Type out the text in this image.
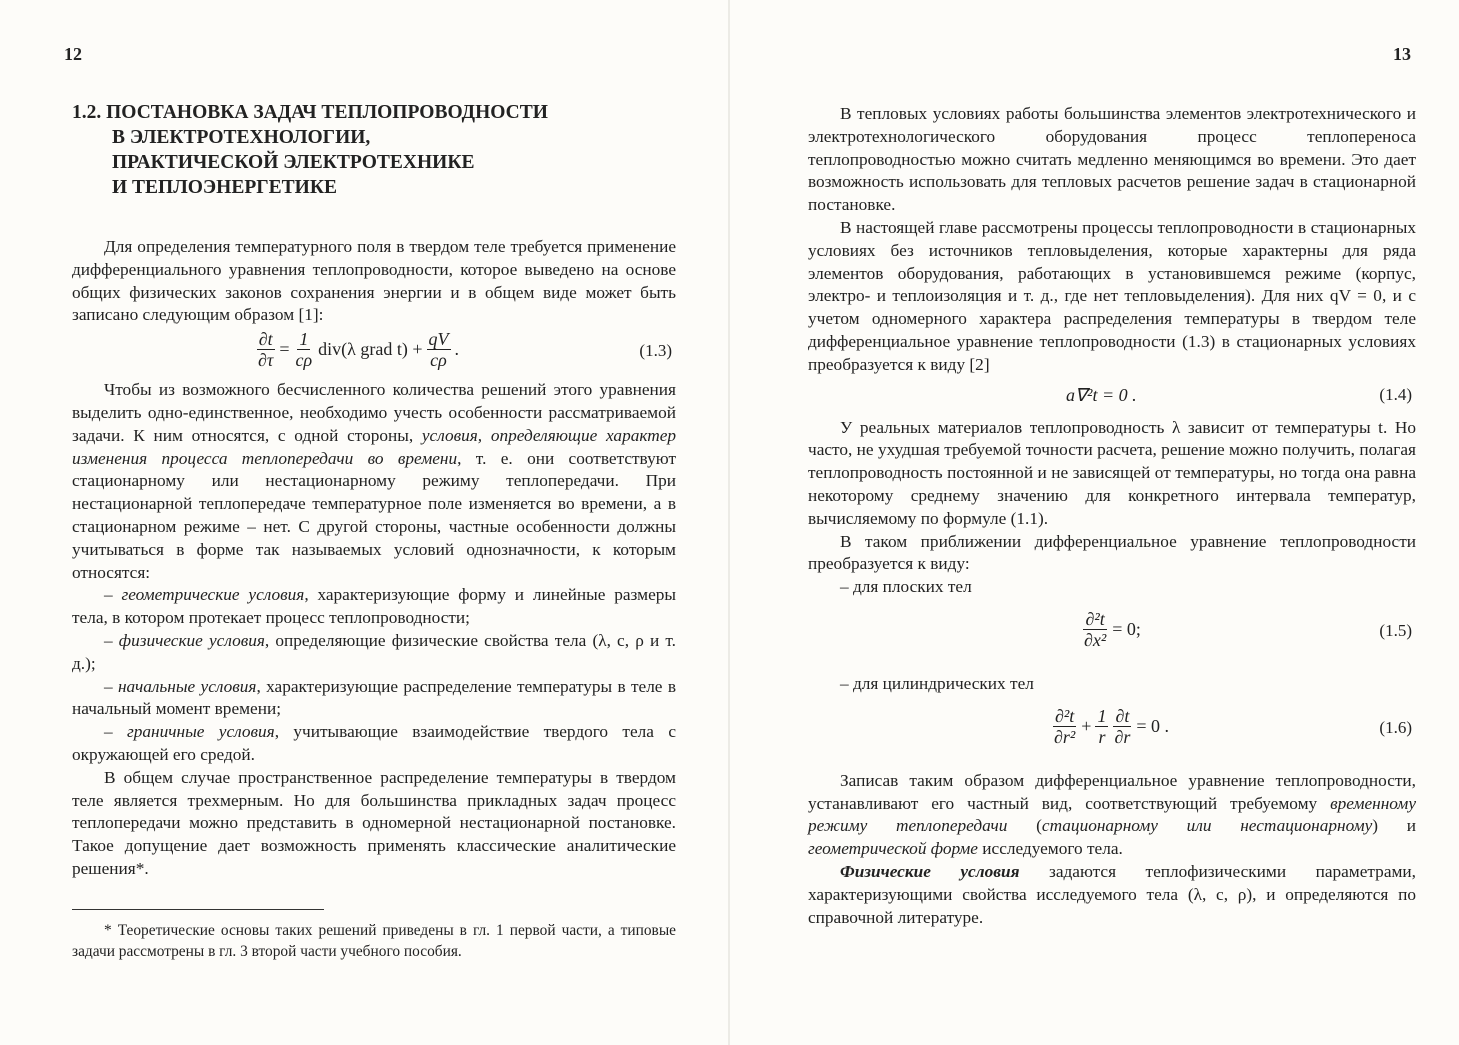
12
1.2. ПОСТАНОВКА ЗАДАЧ ТЕПЛОПРОВОДНОСТИ
В ЭЛЕКТРОТЕХНОЛОГИИ,
ПРАКТИЧЕСКОЙ ЭЛЕКТРОТЕХНИКЕ
И ТЕПЛОЭНЕРГЕТИКЕ

Для определения температурного поля в твердом теле требуется применение дифференциального уравнения теплопроводности, которое выведено на основе общих физических законов сохранения энергии и в общем виде может быть записано следующим образом [1]:

$\frac{\partial t}{\partial\tau} = \frac{1}{c\rho} div(\lambda$ grad $t) + \frac{qV}{c\rho}$ .	(1.3)

Чтобы из возможного бесчисленного количества решений этого уравнения выделить одно-единственное, необходимо учесть особенности рассматриваемой задачи. К ним относятся, с одной стороны, условия, определяющие характер изменения процесса теплопередачи во времени, т. е. они соответствуют стационарному или нестационарному режиму теплопередачи. При нестационарной теплопередаче температурное поле изменяется во времени, а в стационарном режиме – нет. С другой стороны, частные особенности должны учитываться в форме так называемых условий однозначности, к которым относятся:

– геометрические условия, характеризующие форму и линейные размеры тела, в котором протекает процесс теплопроводности;

– физические условия, определяющие физические свойства тела (λ, c, ρ и т. д.);

– начальные условия, характеризующие распределение температуры в теле в начальный момент времени;

– граничные условия, учитывающие взаимодействие твердого тела с окружающей его средой.

В общем случае пространственное распределение температуры в твердом теле является трехмерным. Но для большинства прикладных задач процесс теплопередачи можно представить в одномерной нестационарной постановке. Такое допущение дает возможность применять классические аналитические решения*.

* Теоретические основы таких решений приведены в гл. 1 первой части, а типовые задачи рассмотрены в гл. 3 второй части учебного пособия.

13

В тепловых условиях работы большинства элементов электротехнического и электротехнологического оборудования процесс теплопереноса теплопроводностью можно считать медленно меняющимся во времени. Это дает возможность использовать для тепловых расчетов решение задач в стационарной постановке.

В настоящей главе рассмотрены процессы теплопроводности в стационарных условиях без источников тепловыделения, которые характерны для ряда элементов оборудования, работающих в установившемся режиме (корпус, электро- и теплоизоляция и т. д., где нет тепловыделения). Для них qV = 0, и с учетом одномерного характера распределения температуры в твердом теле дифференциальное уравнение теплопроводности (1.3) в стационарных условиях преобразуется к виду [2]

a∇²t = 0 .	(1.4)

У реальных материалов теплопроводность λ зависит от температуры t. Но часто, не ухудшая требуемой точности расчета, решение можно получить, полагая теплопроводность постоянной и не зависящей от температуры, но тогда она равна некоторому среднему значению для конкретного интервала температур, вычисляемому по формуле (1.1).

В таком приближении дифференциальное уравнение теплопроводности преобразуется к виду:

– для плоских тел

$\frac{\text{∂²t}}{\text{∂x²}} = 0$;	(1.5)

– для цилиндрических тел

$\frac{\text{∂²t}}{\text{∂r²}} + \frac{1}{r} \frac{\partial t}{\partial r} = 0$ .	(1.6)

Записав таким образом дифференциальное уравнение теплопроводности, устанавливают его частный вид, соответствующий требуемому временному режиму теплопередачи (стационарному или нестационарному) и геометрической форме исследуемого тела.

Физические условия задаются теплофизическими параметрами, характеризующими свойства исследуемого тела (λ, c, ρ), и определяются по справочной литературе.
